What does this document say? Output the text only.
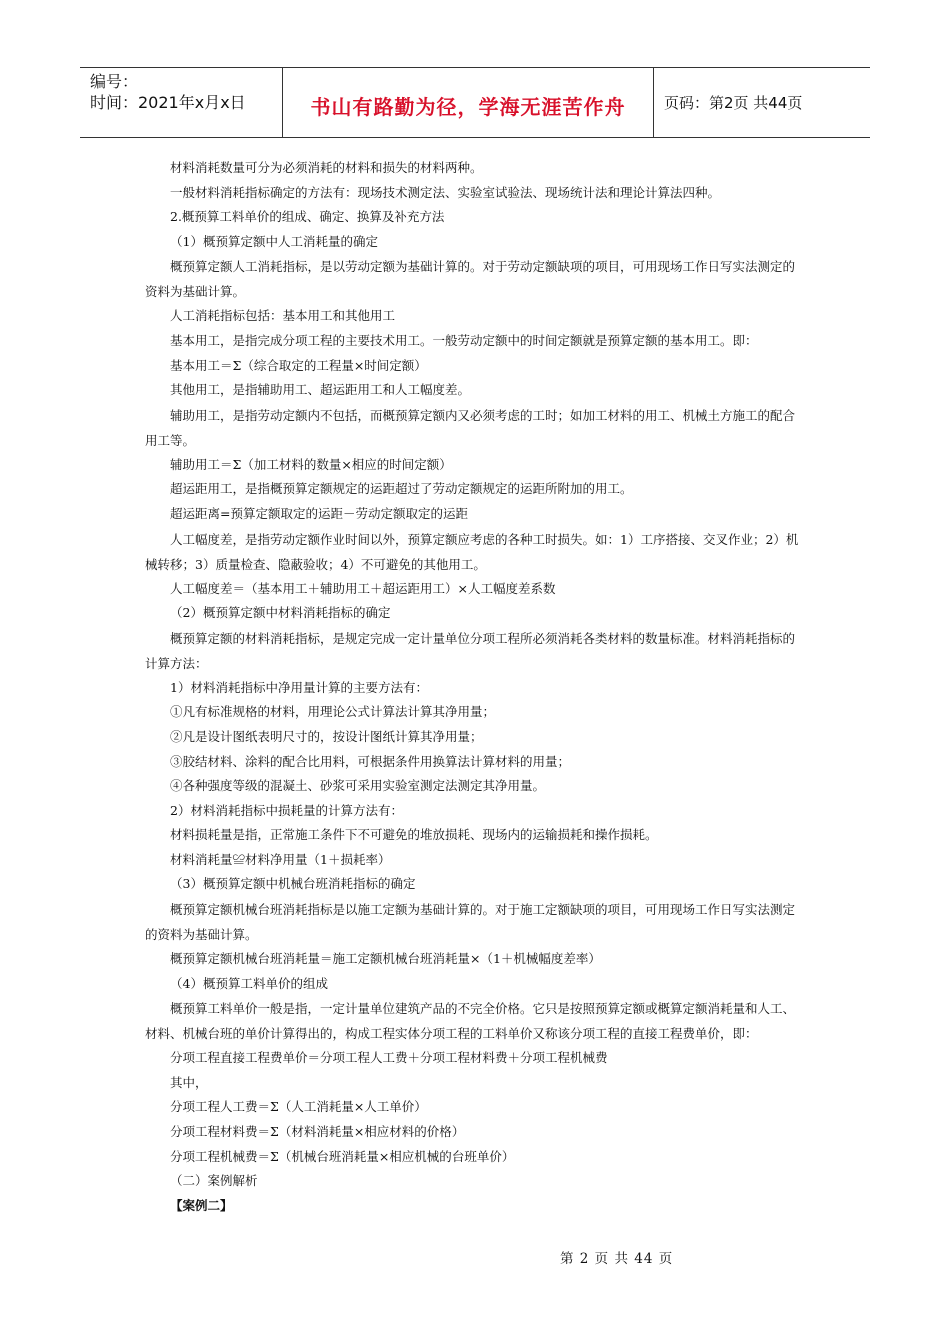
编号：
时间：2021年x月x日	书山有路勤为径，学海无涯苦作舟	页码：第2页 共44页

材料消耗数量可分为必须消耗的材料和损失的材料两种。

一般材料消耗指标确定的方法有：现场技术测定法、实验室试验法、现场统计法和理论计算法四种。

2.概预算工料单价的组成、确定、换算及补充方法

（1）概预算定额中人工消耗量的确定

概预算定额人工消耗指标，是以劳动定额为基础计算的。对于劳动定额缺项的项目，可用现场工作日写实法测定的资料为基础计算。

人工消耗指标包括：基本用工和其他用工

基本用工，是指完成分项工程的主要技术用工。一般劳动定额中的时间定额就是预算定额的基本用工。即：

基本用工＝Σ（综合取定的工程量×时间定额）

其他用工，是指辅助用工、超运距用工和人工幅度差。

辅助用工，是指劳动定额内不包括，而概预算定额内又必须考虑的工时；如加工材料的用工、机械土方施工的配合用工等。

辅助用工＝Σ（加工材料的数量×相应的时间定额）

超运距用工，是指概预算定额规定的运距超过了劳动定额规定的运距所附加的用工。

超运距离=预算定额取定的运距－劳动定额取定的运距

人工幅度差，是指劳动定额作业时间以外，预算定额应考虑的各种工时损失。如：1）工序搭接、交叉作业；2）机械转移；3）质量检查、隐蔽验收；4）不可避免的其他用工。

人工幅度差＝（基本用工＋辅助用工＋超运距用工）×人工幅度差系数

（2）概预算定额中材料消耗指标的确定

概预算定额的材料消耗指标，是规定完成一定计量单位分项工程所必须消耗各类材料的数量标准。材料消耗指标的计算方法：

1）材料消耗指标中净用量计算的主要方法有：

①凡有标准规格的材料，用理论公式计算法计算其净用量；

②凡是设计图纸表明尺寸的，按设计图纸计算其净用量；

③胶结材料、涂料的配合比用料，可根据条件用换算法计算材料的用量；

④各种强度等级的混凝土、砂浆可采用实验室测定法测定其净用量。

2）材料消耗指标中损耗量的计算方法有：

材料损耗量是指，正常施工条件下不可避免的堆放损耗、现场内的运输损耗和操作损耗。

材料消耗量≌材料净用量（1＋损耗率）

（3）概预算定额中机械台班消耗指标的确定

概预算定额机械台班消耗指标是以施工定额为基础计算的。对于施工定额缺项的项目，可用现场工作日写实法测定的资料为基础计算。

概预算定额机械台班消耗量＝施工定额机械台班消耗量×（1＋机械幅度差率）

（4）概预算工料单价的组成

概预算工料单价一般是指，一定计量单位建筑产品的不完全价格。它只是按照预算定额或概算定额消耗量和人工、材料、机械台班的单价计算得出的，构成工程实体分项工程的工料单价又称该分项工程的直接工程费单价，即：

分项工程直接工程费单价＝分项工程人工费＋分项工程材料费＋分项工程机械费

其中，

分项工程人工费＝Σ（人工消耗量×人工单价）

分项工程材料费＝Σ（材料消耗量×相应材料的价格）

分项工程机械费＝Σ（机械台班消耗量×相应机械的台班单价）

（二）案例解析

【案例二】

第 2 页 共 44 页
